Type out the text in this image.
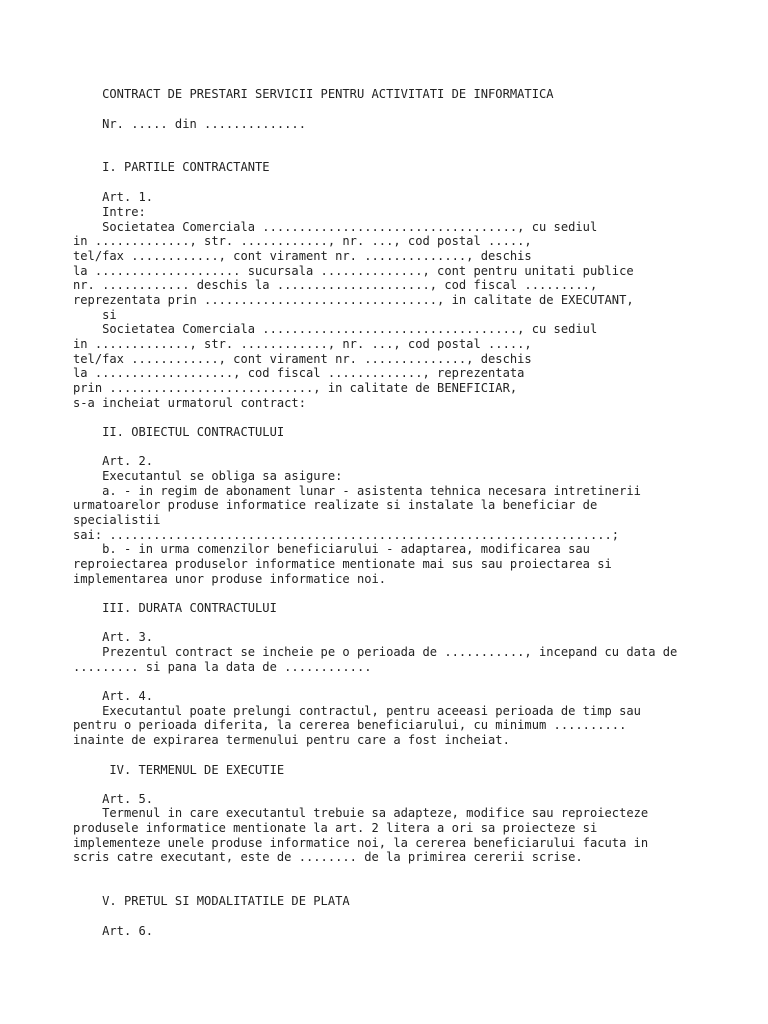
CONTRACT DE PRESTARI SERVICII PENTRU ACTIVITATI DE INFORMATICA

Nr. ..... din ..............

I. PARTILE CONTRACTANTE

Art. 1.

Intre:

Societatea Comerciala ..................................., cu sediul

in ............., str. ............, nr. ..., cod postal .....,

tel/fax ............, cont virament nr. .............., deschis

la .................... sucursala .............., cont pentru unitati publice

nr. ............ deschis la ....................., cod fiscal .........,

reprezentata prin ................................, in calitate de EXECUTANT,

si

Societatea Comerciala ..................................., cu sediul

in ............., str. ............, nr. ..., cod postal .....,

tel/fax ............, cont virament nr. .............., deschis

la ..................., cod fiscal ............., reprezentata

prin ............................, in calitate de BENEFICIAR,

s-a incheiat urmatorul contract:

II. OBIECTUL CONTRACTULUI

Art. 2.

Executantul se obliga sa asigure:

a. - in regim de abonament lunar - asistenta tehnica necesara intretinerii

urmatoarelor produse informatice realizate si instalate la beneficiar de

specialistii

sai: .....................................................................;

b. - in urma comenzilor beneficiarului - adaptarea, modificarea sau

reproiectarea produselor informatice mentionate mai sus sau proiectarea si

implementarea unor produse informatice noi.

III. DURATA CONTRACTULUI

Art. 3.

Prezentul contract se incheie pe o perioada de ..........., incepand cu data de

......... si pana la data de ............

Art. 4.

Executantul poate prelungi contractul, pentru aceeasi perioada de timp sau

pentru o perioada diferita, la cererea beneficiarului, cu minimum ..........

inainte de expirarea termenului pentru care a fost incheiat.

IV. TERMENUL DE EXECUTIE

Art. 5.

Termenul in care executantul trebuie sa adapteze, modifice sau reproiecteze

produsele informatice mentionate la art. 2 litera a ori sa proiecteze si

implementeze unele produse informatice noi, la cererea beneficiarului facuta in

scris catre executant, este de ........ de la primirea cererii scrise.

V. PRETUL SI MODALITATILE DE PLATA

Art. 6.
